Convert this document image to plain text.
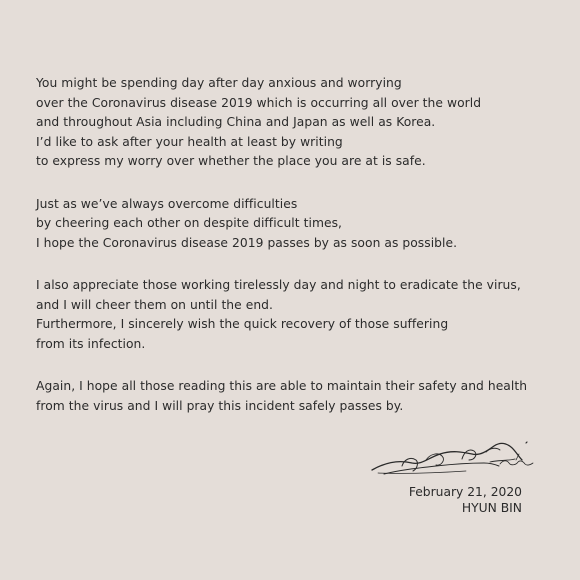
You might be spending day after day anxious and worrying
over the Coronavirus disease 2019 which is occurring all over the world
and throughout Asia including China and Japan as well as Korea.
I’d like to ask after your health at least by writing
to express my worry over whether the place you are at is safe.

Just as we’ve always overcome difficulties
by cheering each other on despite difficult times,
I hope the Coronavirus disease 2019 passes by as soon as possible.

I also appreciate those working tirelessly day and night to eradicate the virus,
and I will cheer them on until the end.
Furthermore, I sincerely wish the quick recovery of those suffering
from its infection.

Again, I hope all those reading this are able to maintain their safety and health
from the virus and I will pray this incident safely passes by.

February 21, 2020
HYUN BIN
